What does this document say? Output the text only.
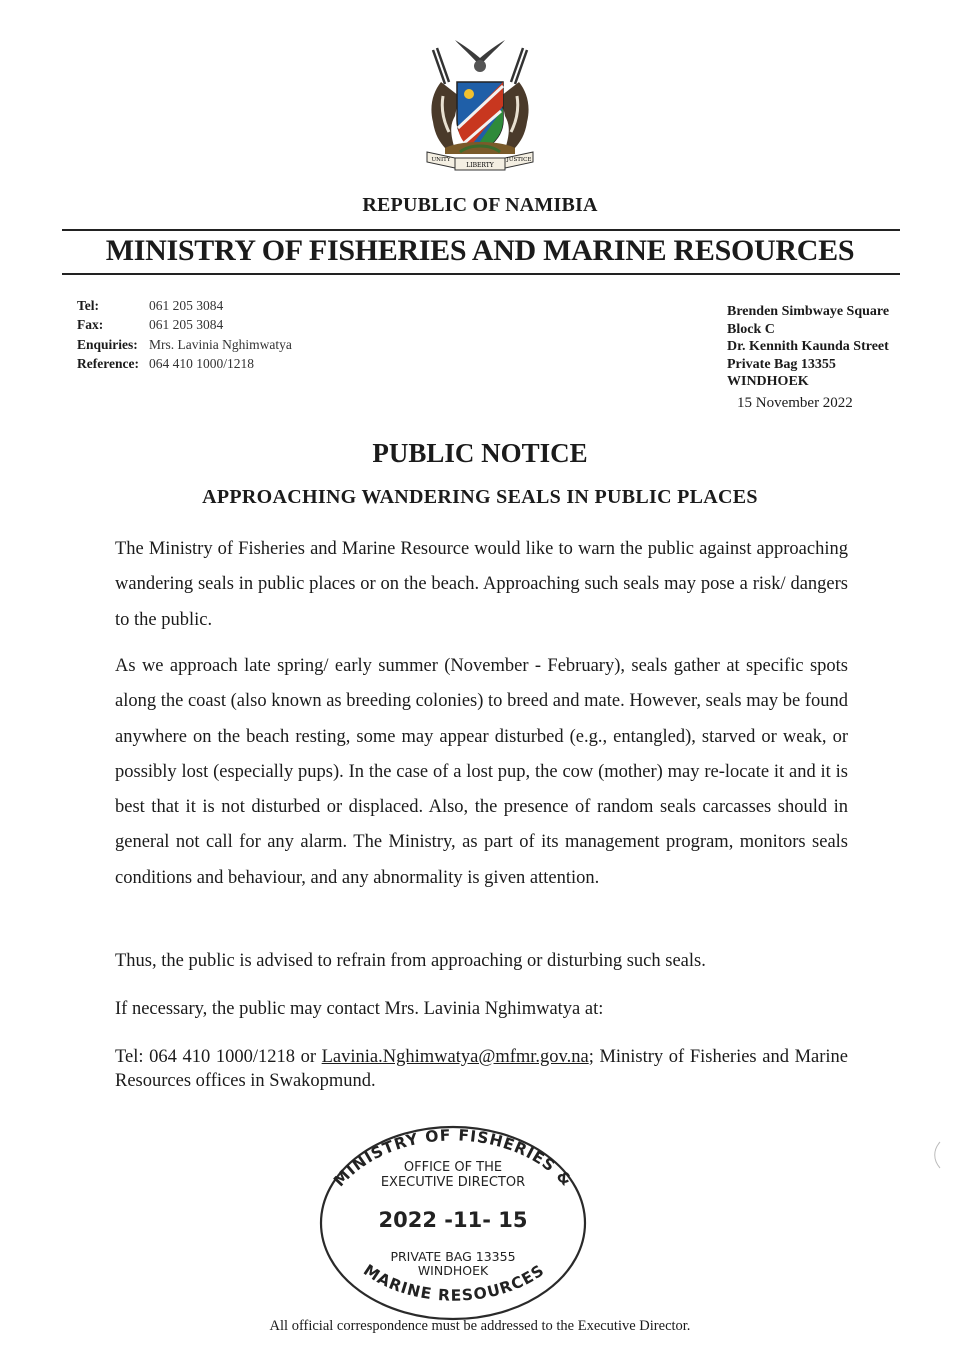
UNITY
LIBERTY
JUSTICE
REPUBLIC OF NAMIBIA
MINISTRY OF FISHERIES AND MARINE RESOURCES
Tel:	061 205 3084
Fax:	061 205 3084
Enquiries: Mrs. Lavinia Nghimwatya
Reference: 064 410 1000/1218
Brenden Simbwaye Square
Block C
Dr. Kennith Kaunda Street
Private Bag 13355
WINDHOEK
15 November 2022
PUBLIC NOTICE
APPROACHING WANDERING SEALS IN PUBLIC PLACES
The Ministry of Fisheries and Marine Resource would like to warn the public against approaching wandering seals in public places or on the beach. Approaching such seals may pose a risk/ dangers to the public.
As we approach late spring/ early summer (November - February), seals gather at specific spots along the coast (also known as breeding colonies) to breed and mate. However, seals may be found anywhere on the beach resting, some may appear disturbed (e.g., entangled), starved or weak, or possibly lost (especially pups). In the case of a lost pup, the cow (mother) may re-locate it and it is best that it is not disturbed or displaced. Also, the presence of random seals carcasses should in general not call for any alarm. The Ministry, as part of its management program, monitors seals conditions and behaviour, and any abnormality is given attention.
Thus, the public is advised to refrain from approaching or disturbing such seals.
If necessary, the public may contact Mrs. Lavinia Nghimwatya at:
Tel: 064 410 1000/1218 or Lavinia.Nghimwatya@mfmr.gov.na; Ministry of Fisheries and Marine Resources offices in Swakopmund.
MINISTRY OF FISHERIES &
OFFICE OF THE
EXECUTIVE DIRECTOR
2022 -11- 15
PRIVATE BAG 13355
WINDHOEK
MARINE RESOURCES
All official correspondence must be addressed to the Executive Director.
